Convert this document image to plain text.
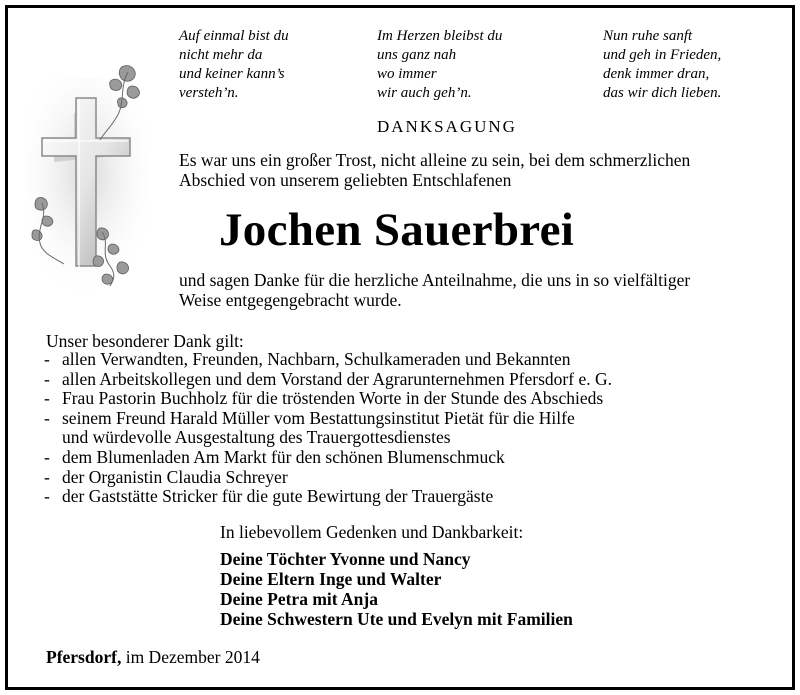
Auf einmal bist du
nicht mehr da
und keiner kann’s
versteh’n.
Im Herzen bleibst du
uns ganz nah
wo immer
wir auch geh’n.
Nun ruhe sanft
und geh in Frieden,
denk immer dran,
das wir dich lieben.
DANKSAGUNG
Es war uns ein großer Trost, nicht alleine zu sein, bei dem schmerzlichen
Abschied von unserem geliebten Entschlafenen
Jochen Sauerbrei
und sagen Danke für die herzliche Anteilnahme, die uns in so vielfältiger
Weise entgegengebracht wurde.
Unser besonderer Dank gilt:
- allen Verwandten, Freunden, Nachbarn, Schulkameraden und Bekannten
- allen Arbeitskollegen und dem Vorstand der Agrarunternehmen Pfersdorf e. G.
- Frau Pastorin Buchholz für die tröstenden Worte in der Stunde des Abschieds
- seinem Freund Harald Müller vom Bestattungsinstitut Pietät für die Hilfe
und würdevolle Ausgestaltung des Trauergottesdienstes
- dem Blumenladen Am Markt für den schönen Blumenschmuck
- der Organistin Claudia Schreyer
- der Gaststätte Stricker für die gute Bewirtung der Trauergäste
In liebevollem Gedenken und Dankbarkeit:
Deine Töchter Yvonne und Nancy
Deine Eltern Inge und Walter
Deine Petra mit Anja
Deine Schwestern Ute und Evelyn mit Familien
Pfersdorf, im Dezember 2014
